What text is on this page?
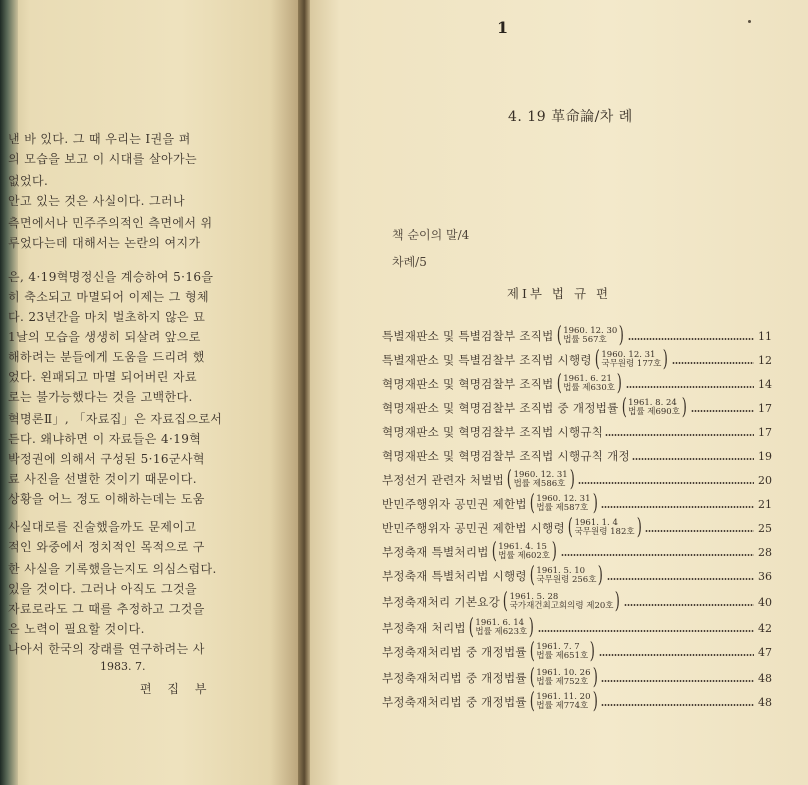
낸 바 있다. 그 때 우리는 Ⅰ권을 펴
의 모습을 보고 이 시대를 살아가는
없었다.
안고 있는 것은 사실이다. 그러나
측면에서나 민주주의적인 측면에서 위
루었다는데 대해서는 논란의 여지가
은, 4·19혁명정신을 계승하여 5·16을
히 축소되고 마멸되어 이제는 그 형체
다. 23년간을 마치 벌초하지 않은 묘
1날의 모습을 생생히 되살려 앞으로
해하려는 분들에게 도움을 드리려 했
었다. 왼패되고 마멸 되어버린 자료
로는 불가능했다는 것을 고백한다.
혁명론Ⅱ」, 「자료집」은 자료집으로서
든다. 왜냐하면 이 자료들은 4·19혁
박정권에 의해서 구성된 5·16군사혁
료 사진을 선별한 것이기 때문이다.
상황을 어느 정도 이해하는데는 도움
사실대로를 진술했을까도 문제이고
적인 와중에서 정치적인 목적으로 구
한 사실을 기록했을는지도 의심스럽다.
있을 것이다. 그러나 아직도 그것을
자료로라도 그 때를 추정하고 그것을
은 노력이 필요할 것이다.
나아서 한국의 장래를 연구하려는 사
1983. 7.
편 집 부
1
4. 19 革命論/차 례
책 순이의 말/4
차례/5
제Ⅰ부 법 규 편
특별재판소 및 특별검찰부 조직법 ( 1960. 12. 30
법률 567호 )	11
특별재판소 및 특별검찰부 조직법 시행령 ( 1960. 12. 31
국무원령 177호 )	12
혁명재판소 및 혁명검찰부 조직법 ( 1961. 6. 21
법률 제630호 )	14
혁명재판소 및 혁명검찰부 조직법 중 개정법률 ( 1961. 8. 24
법률 제690호 )	17
혁명재판소 및 혁명검찰부 조직법 시행규칙	17
혁명재판소 및 혁명검찰부 조직법 시행규칙 개정	19
부정선거 관련자 처벌법 ( 1960. 12. 31
법률 제586호 )	20
반민주행위자 공민권 제한법 ( 1960. 12. 31
법률 제587호 )	21
반민주행위자 공민권 제한법 시행령 ( 1961. 1. 4
국무원령 182호 )	25
부정축재 특별처리법 ( 1961. 4. 15
법률 제602호 )	28
부정축재 특별처리법 시행령 ( 1961. 5. 10
국무원령 256호 )	36
부정축재처리 기본요강 ( 1961. 5. 28
국가재건최고회의령 제20호 )	40
부정축재 처리법 ( 1961. 6. 14
법률 제623호 )	42
부정축재처리법 중 개정법률 ( 1961. 7. 7
법률 제651호 )	47
부정축재처리법 중 개정법률 ( 1961. 10. 26
법률 제752호 )	48
부정축재처리법 중 개정법률 ( 1961. 11. 20
법률 제774호 )	48
